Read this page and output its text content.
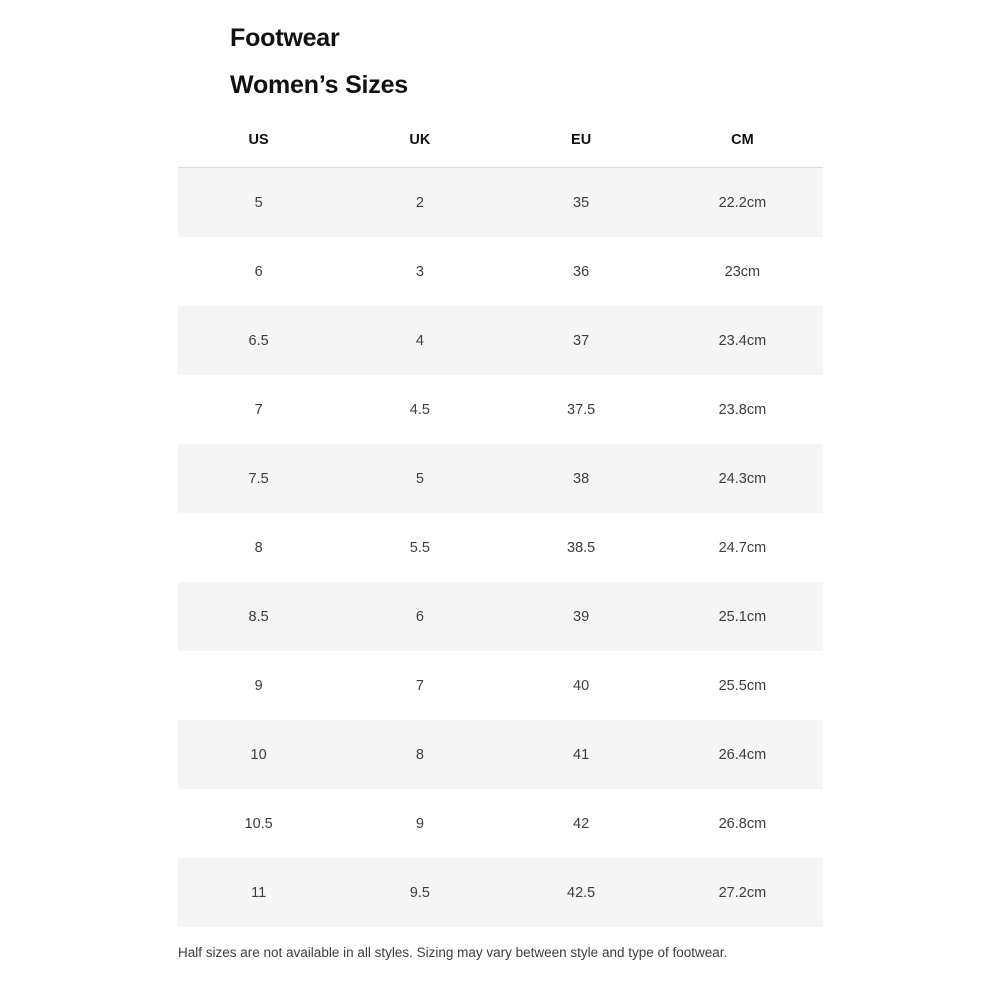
Footwear
Women’s Sizes
US	UK	EU	CM
5	2	35	22.2cm
6	3	36	23cm
6.5	4	37	23.4cm
7	4.5	37.5	23.8cm
7.5	5	38	24.3cm
8	5.5	38.5	24.7cm
8.5	6	39	25.1cm
9	7	40	25.5cm
10	8	41	26.4cm
10.5	9	42	26.8cm
11	9.5	42.5	27.2cm

Half sizes are not available in all styles. Sizing may vary between style and type of footwear.
